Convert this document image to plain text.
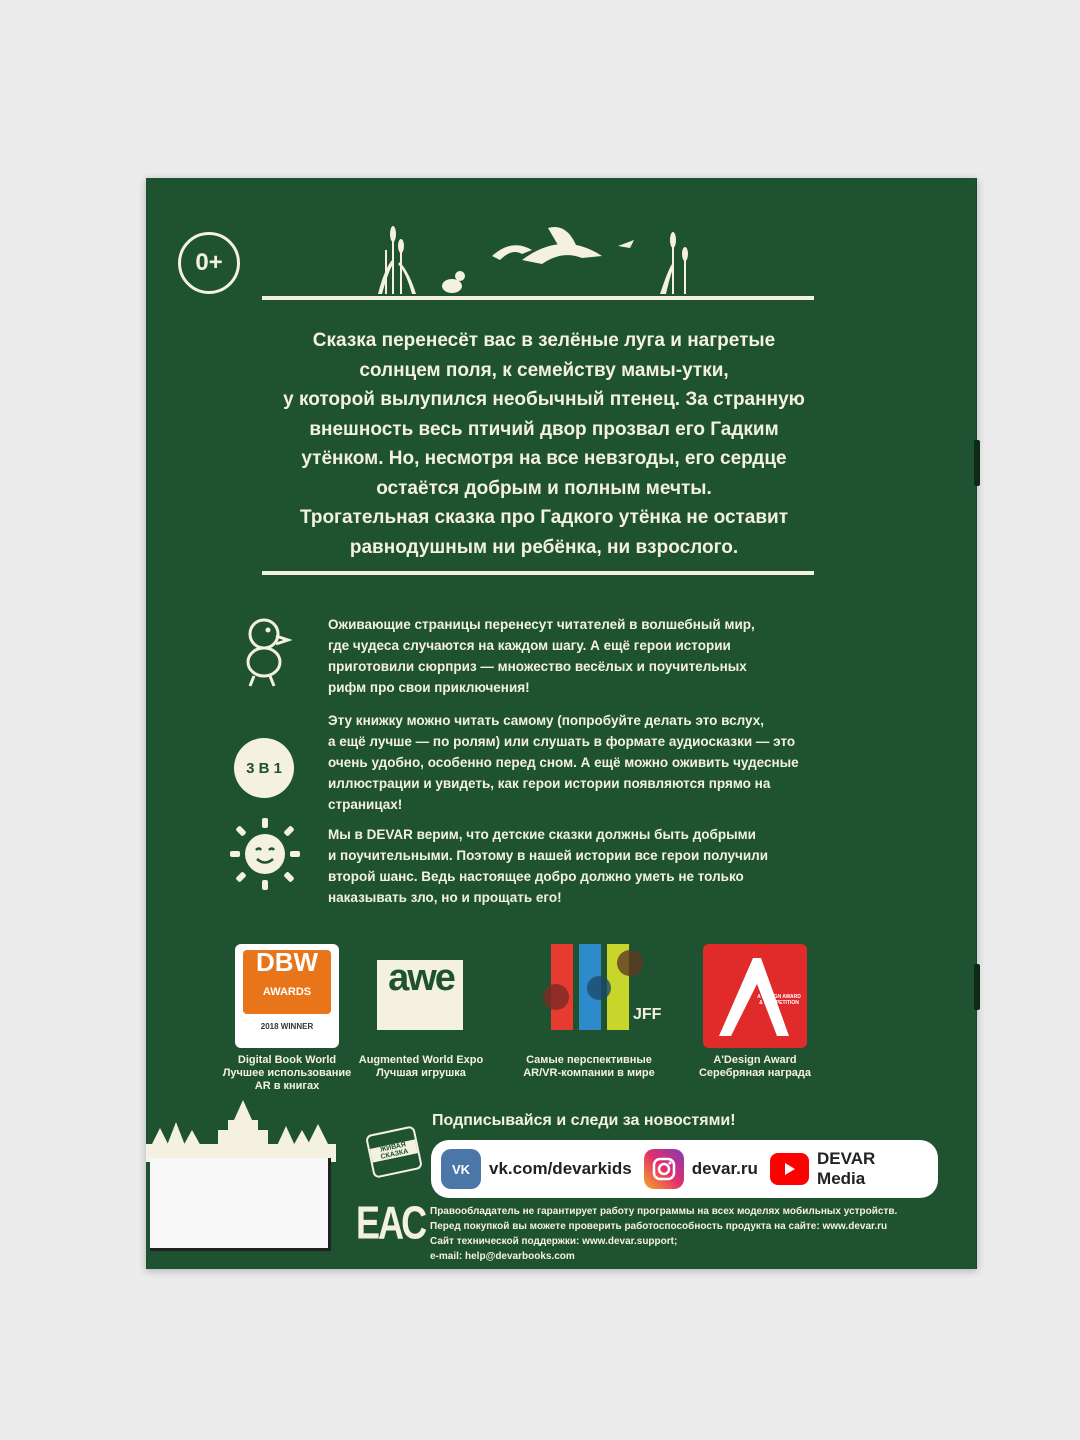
0+
Сказка перенесёт вас в зелёные луга и нагретые
солнцем поля, к семейству мамы-утки,
у которой вылупился необычный птенец. За странную
внешность весь птичий двор прозвал его Гадким
утёнком. Но, несмотря на все невзгоды, его сердце
остаётся добрым и полным мечты.
Трогательная сказка про Гадкого утёнка не оставит
равнодушным ни ребёнка, ни взрослого.
Оживающие страницы перенесут читателей в волшебный мир,
где чудеса случаются на каждом шагу. А ещё герои истории
приготовили сюрприз — множество весёлых и поучительных
рифм про свои приключения!
3 В 1
Эту книжку можно читать самому (попробуйте делать это вслух,
а ещё лучше — по ролям) или слушать в формате аудиосказки — это
очень удобно, особенно перед сном. А ещё можно оживить чудесные
иллюстрации и увидеть, как герои истории появляются прямо на
страницах!
Мы в DEVAR верим, что детские сказки должны быть добрыми
и поучительными. Поэтому в нашей истории все герои получили
второй шанс. Ведь настоящее добро должно уметь не только
наказывать зло, но и прощать его!
DBW
AWARDS
2018 WINNER
Digital Book World
Лучшее использование
AR в книгах
awe
Augmented World Expo
Лучшая игрушка
JFF
Самые перспективные
AR/VR-компании в мире
A'DESIGN AWARD & COMPETITION
A'Design Award
Серебряная награда
ЖИВАЯ СКАЗКА
ЕАС
Подписывайся и следи за новостями!
VK	vk.com/devarkids	devar.ru
DEVAR Media
Правообладатель не гарантирует работу программы на всех моделях мобильных устройств.
Перед покупкой вы можете проверить работоспособность продукта на сайте: www.devar.ru
Сайт технической поддержки: www.devar.support;
e-mail: help@devarbooks.com
